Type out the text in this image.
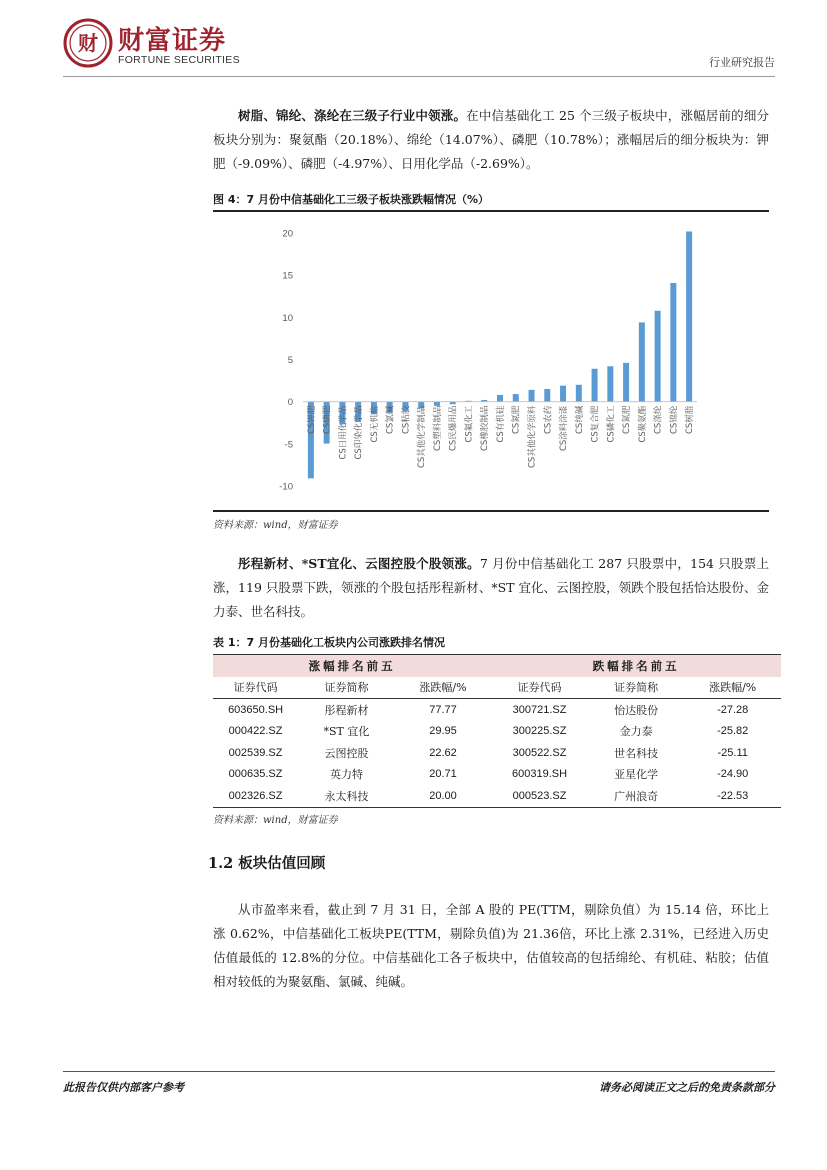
财 财富证券
FORTUNE SECURITIES	行业研究报告
树脂、锦纶、涤纶在三级子行业中领涨。在中信基础化工 25 个三级子板块中，涨幅居前的细分板块分别为：聚氨酯（20.18%）、绵纶（14.07%）、磷肥（10.78%）；涨幅居后的细分板块为：钾肥（-9.09%）、磷肥（-4.97%）、日用化学品（-2.69%）。
图 4：7 月份中信基础化工三级子板块涨跌幅情况（%）
20
15
10
5
0
-5
-10
CS钾肥 CS磷肥 CS日用化学品 CS印染化学品 CS无机盐 CS氯碱 CS粘胶 CS其他化学制品 CS塑料制品 CS民爆用品 CS氟化工 CS橡胶制品 CS有机硅 CS氮肥 CS其他化学原料 CS农药 CS涂料涂漆 CS纯碱 CS复合肥 CS磷化工 CS氮肥 CS聚氨酯 CS涤纶 CS锦纶 CS树脂
资料来源：wind，财富证券
彤程新材、*ST宜化、云图控股个股领涨。7 月份中信基础化工 287 只股票中，154 只股票上涨，119 只股票下跌，领涨的个股包括彤程新材、*ST 宜化、云图控股，领跌个股包括恰达股份、金力泰、世名科技。
表 1：7 月份基础化工板块内公司涨跌排名情况
涨幅排名前五			跌幅排名前五		
证券代码	证券简称	涨跌幅/%	证券代码	证券简称	涨跌幅/%
603650.SH	彤程新材	77.77	300721.SZ	怡达股份	-27.28
000422.SZ	*ST 宜化	29.95	300225.SZ	金力泰	-25.82
002539.SZ	云图控股	22.62	300522.SZ	世名科技	-25.11
000635.SZ	英力特	20.71	600319.SH	亚星化学	-24.90
002326.SZ	永太科技	20.00	000523.SZ	广州浪奇	-22.53
资料来源：wind，财富证券
1.2 板块估值回顾
从市盈率来看，截止到 7 月 31 日，全部 A 股的 PE(TTM，剔除负值）为 15.14 倍，环比上涨 0.62%，中信基础化工板块PE(TTM，剔除负值)为 21.36倍，环比上涨 2.31%，已经进入历史估值最低的 12.8%的分位。中信基础化工各子板块中，估值较高的包括绵纶、有机硅、粘胶；估值相对较低的为聚氨酯、氯碱、纯碱。
此报告仅供内部客户参考	请务必阅读正文之后的免责条款部分
